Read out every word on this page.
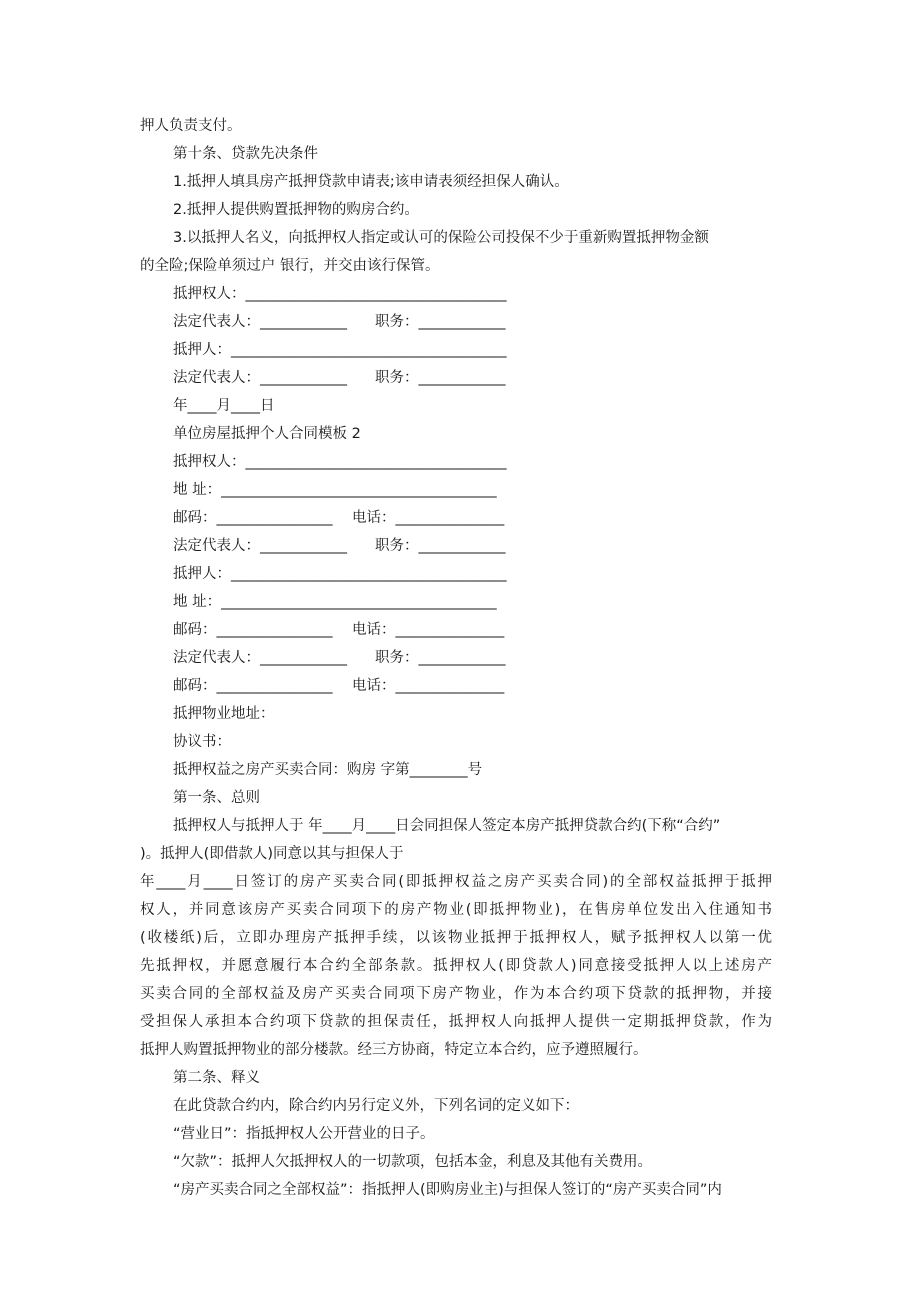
押人负责支付。
第十条、贷款先决条件
1.抵押人填具房产抵押贷款申请表;该申请表须经担保人确认。
2.抵押人提供购置抵押物的购房合约。
3.以抵押人名义，向抵押权人指定或认可的保险公司投保不少于重新购置抵押物金额
的全险;保险单须过户 银行，并交由该行保管。
抵押权人：____________________________________
法定代表人：____________ 职务：____________
抵押人：______________________________________
法定代表人：____________ 职务：____________
年____月____日
单位房屋抵押个人合同模板 2
抵押权人：____________________________________
地 址：______________________________________
邮码：________________ 电话：_______________
法定代表人：____________ 职务：____________
抵押人：______________________________________
地 址：______________________________________
邮码：________________ 电话：_______________
法定代表人：____________ 职务：____________
邮码：________________ 电话：_______________
抵押物业地址：
协议书：
抵押权益之房产买卖合同：购房 字第________号
第一条、总则
抵押权人与抵押人于 年____月____日会同担保人签定本房产抵押贷款合约(下称“合约”
)。抵押人(即借款人)同意以其与担保人于
年____月____日签订的房产买卖合同(即抵押权益之房产买卖合同)的全部权益抵押于抵押
权人，并同意该房产买卖合同项下的房产物业(即抵押物业)，在售房单位发出入住通知书
(收楼纸)后，立即办理房产抵押手续，以该物业抵押于抵押权人，赋予抵押权人以第一优
先抵押权，并愿意履行本合约全部条款。抵押权人(即贷款人)同意接受抵押人以上述房产
买卖合同的全部权益及房产买卖合同项下房产物业，作为本合约项下贷款的抵押物，并接
受担保人承担本合约项下贷款的担保责任，抵押权人向抵押人提供一定期抵押贷款，作为
抵押人购置抵押物业的部分楼款。经三方协商，特定立本合约，应予遵照履行。
第二条、释义
在此贷款合约内，除合约内另行定义外，下列名词的定义如下：
“营业日”：指抵押权人公开营业的日子。
“欠款”：抵押人欠抵押权人的一切款项，包括本金，利息及其他有关费用。
“房产买卖合同之全部权益”：指抵押人(即购房业主)与担保人签订的“房产买卖合同”内
